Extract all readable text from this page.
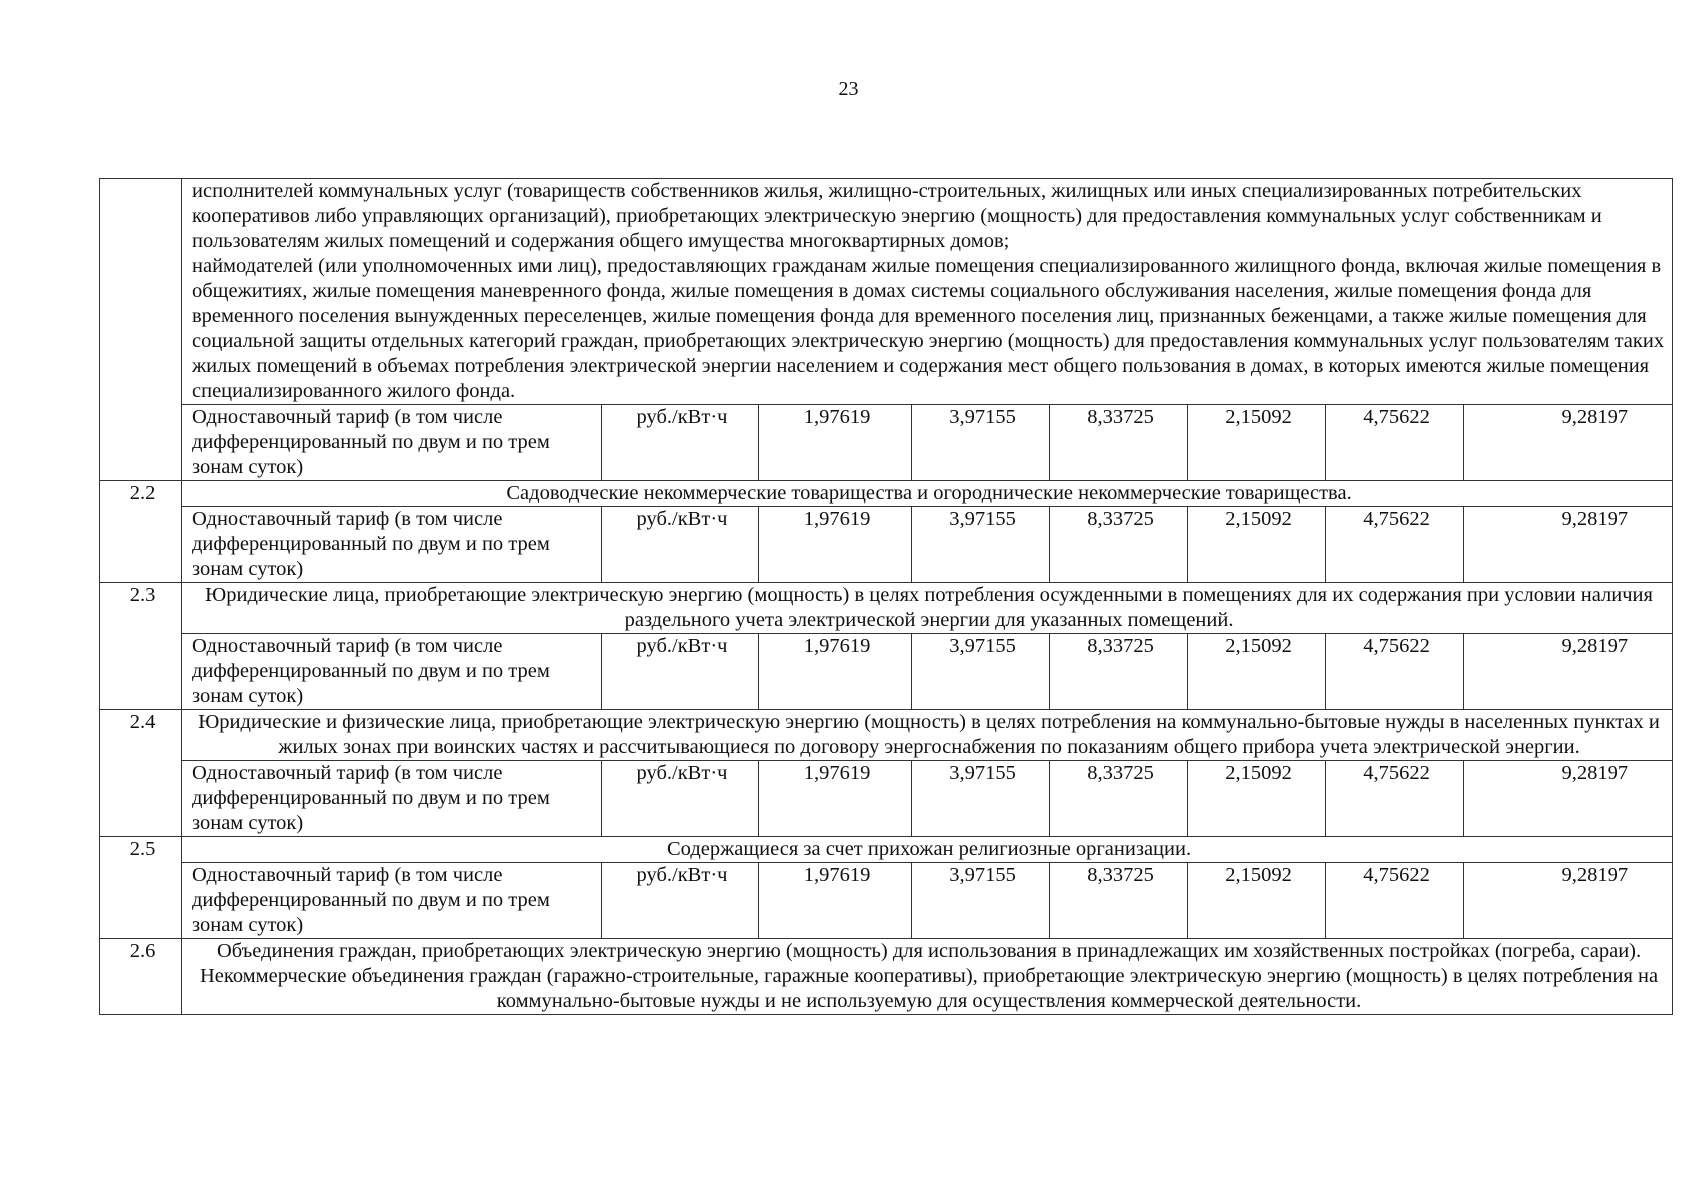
23

	исполнителей коммунальных услуг (товариществ собственников жилья, жилищно-строительных, жилищных или иных специализированных потребительских кооперативов либо управляющих организаций), приобретающих электрическую энергию (мощность) для предоставления коммунальных услуг собственникам и пользователям жилых помещений и содержания общего имущества многоквартирных домов;
наймодателей (или уполномоченных ими лиц), предоставляющих гражданам жилые помещения специализированного жилищного фонда, включая жилые помещения в общежитиях, жилые помещения маневренного фонда, жилые помещения в домах системы социального обслуживания населения, жилые помещения фонда для временного поселения вынужденных переселенцев, жилые помещения фонда для временного поселения лиц, признанных беженцами, а также жилые помещения для социальной защиты отдельных категорий граждан, приобретающих электрическую энергию (мощность) для предоставления коммунальных услуг пользователям таких жилых помещений в объемах потребления электрической энергии населением и содержания мест общего пользования в домах, в которых имеются жилые помещения специализированного жилого фонда.							

	Одноставочный тариф (в том числе дифференцированный по двум и по трем зонам суток)	руб./кВт·ч	1,97619	3,97155	8,33725	2,15092	4,75622	9,28197
2.2	Садоводческие некоммерческие товарищества и огороднические некоммерческие товарищества.							
	Одноставочный тариф (в том числе дифференцированный по двум и по трем зонам суток)	руб./кВт·ч	1,97619	3,97155	8,33725	2,15092	4,75622	9,28197
2.3	Юридические лица, приобретающие электрическую энергию (мощность) в целях потребления осужденными в помещениях для их содержания при условии наличия раздельного учета электрической энергии для указанных помещений.							
	Одноставочный тариф (в том числе дифференцированный по двум и по трем зонам суток)	руб./кВт·ч	1,97619	3,97155	8,33725	2,15092	4,75622	9,28197
2.4	Юридические и физические лица, приобретающие электрическую энергию (мощность) в целях потребления на коммунально-бытовые нужды в населенных пунктах и жилых зонах при воинских частях и рассчитывающиеся по договору энергоснабжения по показаниям общего прибора учета электрической энергии.							
	Одноставочный тариф (в том числе дифференцированный по двум и по трем зонам суток)	руб./кВт·ч	1,97619	3,97155	8,33725	2,15092	4,75622	9,28197
2.5	Содержащиеся за счет прихожан религиозные организации.							
	Одноставочный тариф (в том числе дифференцированный по двум и по трем зонам суток)	руб./кВт·ч	1,97619	3,97155	8,33725	2,15092	4,75622	9,28197
2.6	Объединения граждан, приобретающих электрическую энергию (мощность) для использования в принадлежащих им хозяйственных постройках (погреба, сараи).
Некоммерческие объединения граждан (гаражно-строительные, гаражные кооперативы), приобретающие электрическую энергию (мощность) в целях потребления на коммунально-бытовые нужды и не используемую для осуществления коммерческой деятельности.							
